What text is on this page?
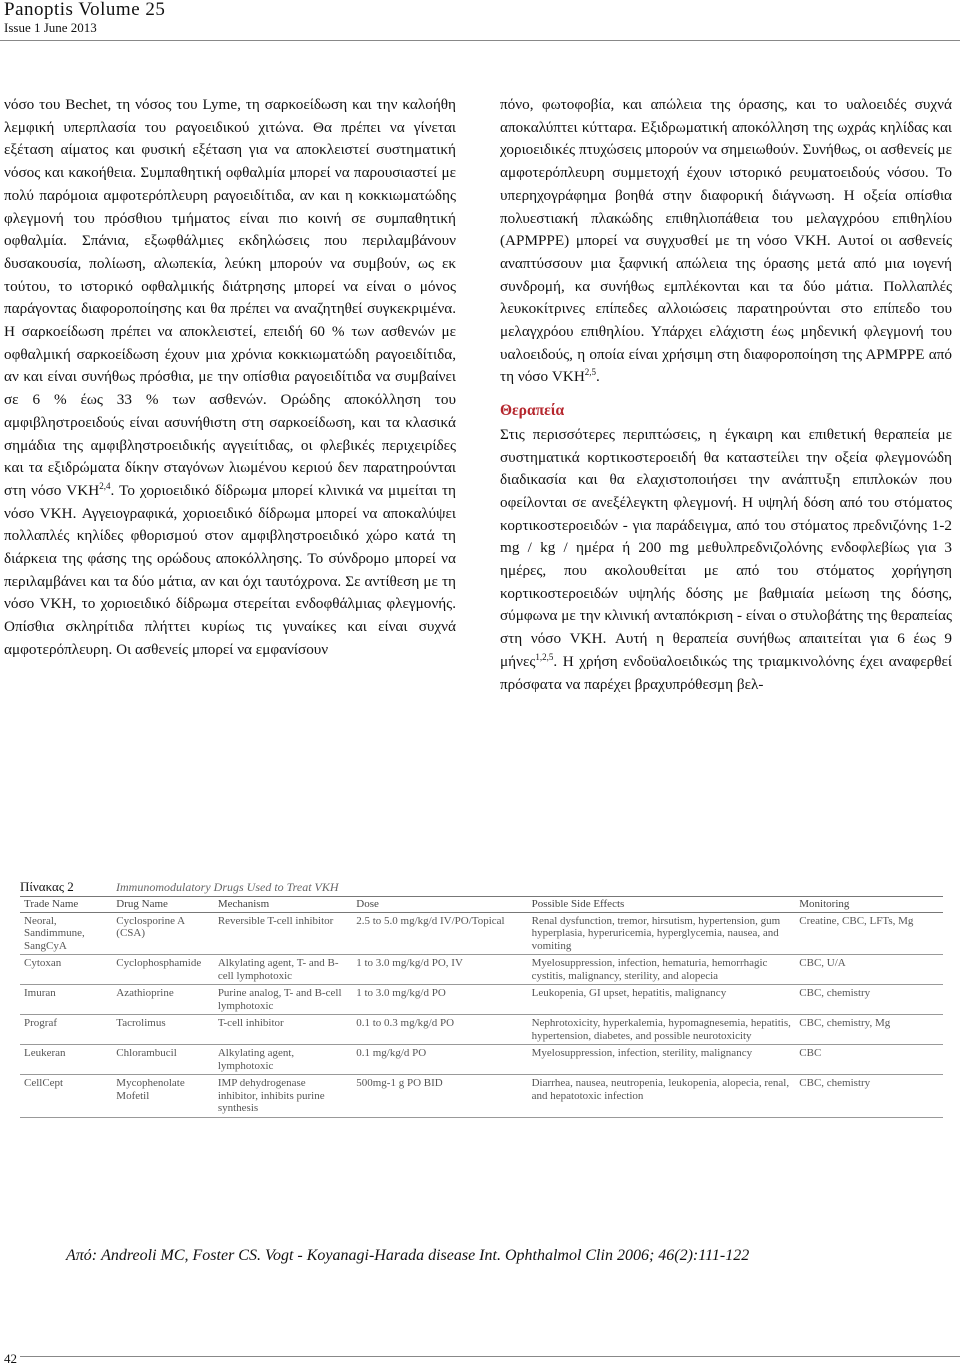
Panoptis Volume 25
Issue 1 June 2013

νόσο του Bechet, τη νόσος του Lyme, τη σαρκοείδωση και την καλοήθη λεμφική υπερπλασία του ραγοειδικού χιτώνα. Θα πρέπει να γίνεται εξέταση αίματος και φυσική εξέταση για να αποκλειστεί συστηματική νόσος και κακοήθεια. Συμπαθητική οφθαλμία μπορεί να παρουσιαστεί με πολύ παρόμοια αμφοτερόπλευρη ραγοειδίτιδα, αν και η κοκκιωματώδης φλεγμονή του πρόσθιου τμήματος είναι πιο κοινή σε συμπαθητική οφθαλμία. Σπάνια, εξωφθάλμιες εκδηλώσεις που περιλαμβάνουν δυσακουσία, πολίωση, αλωπεκία, λεύκη μπορούν να συμβούν, ως εκ τούτου, το ιστορικό οφθαλμικής διάτρησης μπορεί να είναι ο μόνος παράγοντας διαφοροποίησης και θα πρέπει να αναζητηθεί συγκεκριμένα. Η σαρκοείδωση πρέπει να αποκλειστεί, επειδή 60 % των ασθενών με οφθαλμική σαρκοείδωση έχουν μια χρόνια κοκκιωματώδη ραγοειδίτιδα, αν και είναι συνήθως πρόσθια, με την οπίσθια ραγοειδίτιδα να συμβαίνει σε 6 % έως 33 % των ασθενών. Ορώδης αποκόλληση του αμφιβληστροειδούς είναι ασυνήθιστη στη σαρκοείδωση, και τα κλασικά σημάδια της αμφιβληστροειδικής αγγειίτιδας, οι φλεβικές περιχειρίδες και τα εξιδρώματα δίκην σταγόνων λιωμένου κεριού δεν παρατηρούνται στη νόσο VKH$^{2,4}$. Το χοριοειδικό δίδρωμα μπορεί κλινικά να μιμείται τη νόσο VKH. Αγγειογραφικά, χοριοειδικό δίδρωμα μπορεί να αποκαλύψει πολλαπλές κηλίδες φθορισμού στον αμφιβληστροειδικό χώρο κατά τη διάρκεια της φάσης της ορώδους αποκόλλησης. Το σύνδρομο μπορεί να περιλαμβάνει και τα δύο μάτια, αν και όχι ταυτόχρονα. Σε αντίθεση με τη νόσο VKH, το χοριοειδικό δίδρωμα στερείται ενδοφθάλμιας φλεγμονής. Οπίσθια σκληρίτιδα πλήττει κυρίως τις γυναίκες και είναι συχνά αμφοτερόπλευρη. Οι ασθενείς μπορεί να εμφανίσουν

πόνο, φωτοφοβία, και απώλεια της όρασης, και το υαλοειδές συχνά αποκαλύπτει κύτταρα. Εξιδρωματική αποκόλληση της ωχράς κηλίδας και χοριοειδικές πτυχώσεις μπορούν να σημειωθούν. Συνήθως, οι ασθενείς με αμφοτερόπλευρη συμμετοχή έχουν ιστορικό ρευματοειδούς νόσου. Το υπερηχογράφημα βοηθά στην διαφορική διάγνωση. Η οξεία οπίσθια πολυεστιακή πλακώδης επιθηλιοπάθεια του μελαγχρόου επιθηλίου (ΑΡΜΡΡΕ) μπορεί να συγχυσθεί με τη νόσο VKH. Αυτοί οι ασθενείς αναπτύσσουν μια ξαφνική απώλεια της όρασης μετά από μια ιογενή συνδρομή, κα συνήθως εμπλέκονται και τα δύο μάτια. Πολλαπλές λευκοκίτρινες επίπεδες αλλοιώσεις παρατηρούνται στο επίπεδο του μελαγχρόου επιθηλίου. Υπάρχει ελάχιστη έως μηδενική φλεγμονή του υαλοειδούς, η οποία είναι χρήσιμη στη διαφοροποίηση της ΑΡΜΡΡΕ από τη νόσο VKH$^{2,5}$.

Θεραπεία

Στις περισσότερες περιπτώσεις, η έγκαιρη και επιθετική θεραπεία με συστηματικά κορτικοστεροειδή θα καταστείλει την οξεία φλεγμονώδη διαδικασία και θα ελαχιστοποιήσει την ανάπτυξη επιπλοκών που οφείλονται σε ανεξέλεγκτη φλεγμονή. Η υψηλή δόση από του στόματος κορτικοστεροειδών - για παράδειγμα, από του στόματος πρεδνιζόνης 1-2 mg / kg / ημέρα ή 200 mg μεθυλπρεδνιζολόνης ενδοφλεβίως για 3 ημέρες, που ακολουθείται με από του στόματος χορήγηση κορτικοστεροειδών υψηλής δόσης με βαθμιαία μείωση της δόσης, σύμφωνα με την κλινική ανταπόκριση - είναι ο στυλοβάτης της θεραπείας στη νόσο VKH. Αυτή η θεραπεία συνήθως απαιτείται για 6 έως 9 μήνες$^{1,2,5}$. Η χρήση ενδοϋαλοειδικώς της τριαμκινολόνης έχει αναφερθεί πρόσφατα να παρέχει βραχυπρόθεσμη βελ-

Πίνακας 2	Immunomodulatory Drugs Used to Treat VKH
Trade Name	Drug Name	Mechanism	Dose	Possible Side Effects	Monitoring
Neoral, Sandimmune, SangCyA	Cyclosporine A (CSA)	Reversible T-cell inhibitor	2.5 to 5.0 mg/kg/d IV/PO/Topical	Renal dysfunction, tremor, hirsutism, hypertension, gum hyperplasia, hyperuricemia, hyperglycemia, nausea, and vomiting	Creatine, CBC, LFTs, Mg
Cytoxan	Cyclophosphamide	Alkylating agent, T- and B-cell lymphotoxic	1 to 3.0 mg/kg/d PO, IV	Myelosuppression, infection, hematuria, hemorrhagic cystitis, malignancy, sterility, and alopecia	CBC, U/A
Imuran	Azathioprine	Purine analog, T- and B-cell lymphotoxic	1 to 3.0 mg/kg/d PO	Leukopenia, GI upset, hepatitis, malignancy	CBC, chemistry
Prograf	Tacrolimus	T-cell inhibitor	0.1 to 0.3 mg/kg/d PO	Nephrotoxicity, hyperkalemia, hypomagnesemia, hepatitis, hypertension, diabetes, and possible neurotoxicity	CBC, chemistry, Mg
Leukeran	Chlorambucil	Alkylating agent, lymphotoxic	0.1 mg/kg/d PO	Myelosuppression, infection, sterility, malignancy	CBC
CellCept	Mycophenolate Mofetil	IMP dehydrogenase inhibitor, inhibits purine synthesis	500mg-1 g PO BID	Diarrhea, nausea, neutropenia, leukopenia, alopecia, renal, and hepatotoxic infection	CBC, chemistry
Από: Andreoli MC, Foster CS. Vogt - Koyanagi-Harada disease Int. Ophthalmol Clin 2006; 46(2):111-122
42
